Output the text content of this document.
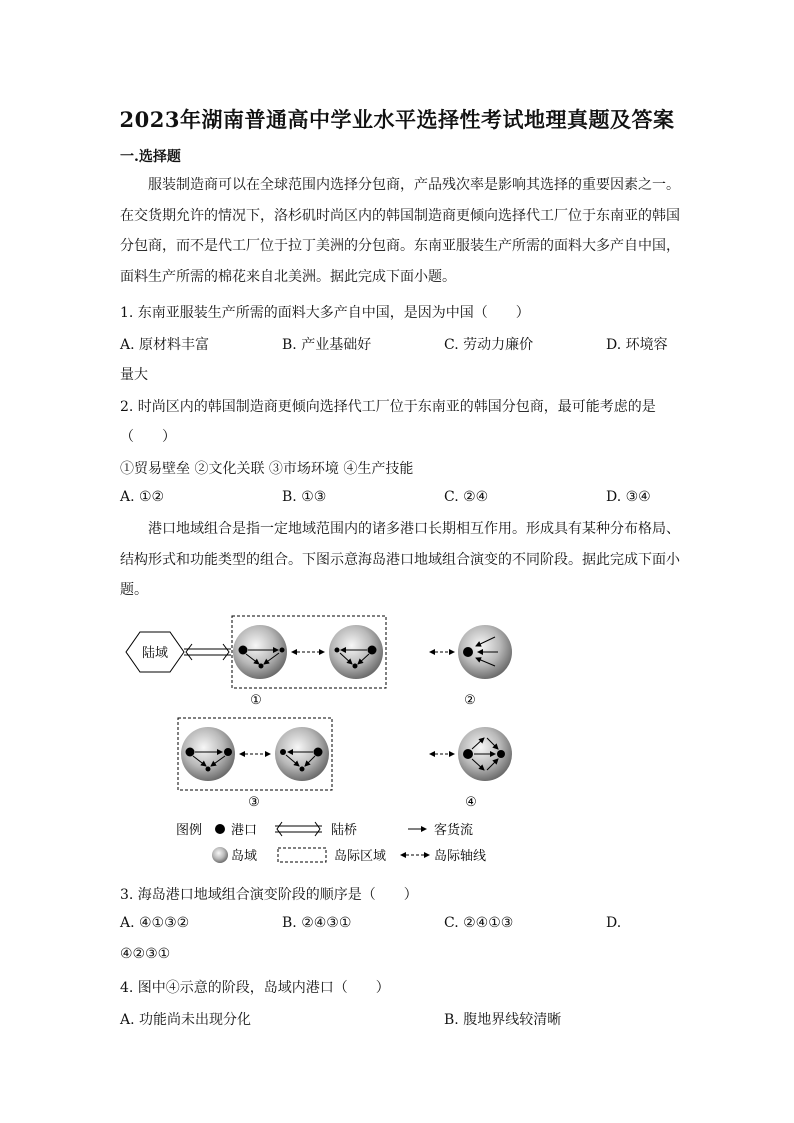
2023年湖南普通高中学业水平选择性考试地理真题及答案
一.选择题

服装制造商可以在全球范围内选择分包商，产品残次率是影响其选择的重要因素之一。在交货期允许的情况下，洛杉矶时尚区内的韩国制造商更倾向选择代工厂位于东南亚的韩国分包商，而不是代工厂位于拉丁美洲的分包商。东南亚服装生产所需的面料大多产自中国，面料生产所需的棉花来自北美洲。据此完成下面小题。

1. 东南亚服装生产所需的面料大多产自中国，是因为中国（　　）
A. 原材料丰富	B. 产业基础好	C. 劳动力廉价	D. 环境容
量大
2. 时尚区内的韩国制造商更倾向选择代工厂位于东南亚的韩国分包商，最可能考虑的是
（　　）
①贸易壁垒 ②文化关联 ③市场环境 ④生产技能
A. ①②	B. ①③	C. ②④	D. ③④

港口地域组合是指一定地域范围内的诸多港口长期相互作用。形成具有某种分布格局、结构形式和功能类型的组合。下图示意海岛港口地域组合演变的不同阶段。据此完成下面小题。

陆域
①	②
③	④
图例 港口	陆桥	客货流
岛域	岛际区域	岛际轴线
3. 海岛港口地域组合演变阶段的顺序是（　　）
A. ④①③②	B. ②④③①	C. ②④①③	D.
④②③①
4. 图中④示意的阶段，岛域内港口（　　）
A. 功能尚未出现分化	B. 腹地界线较清晰
